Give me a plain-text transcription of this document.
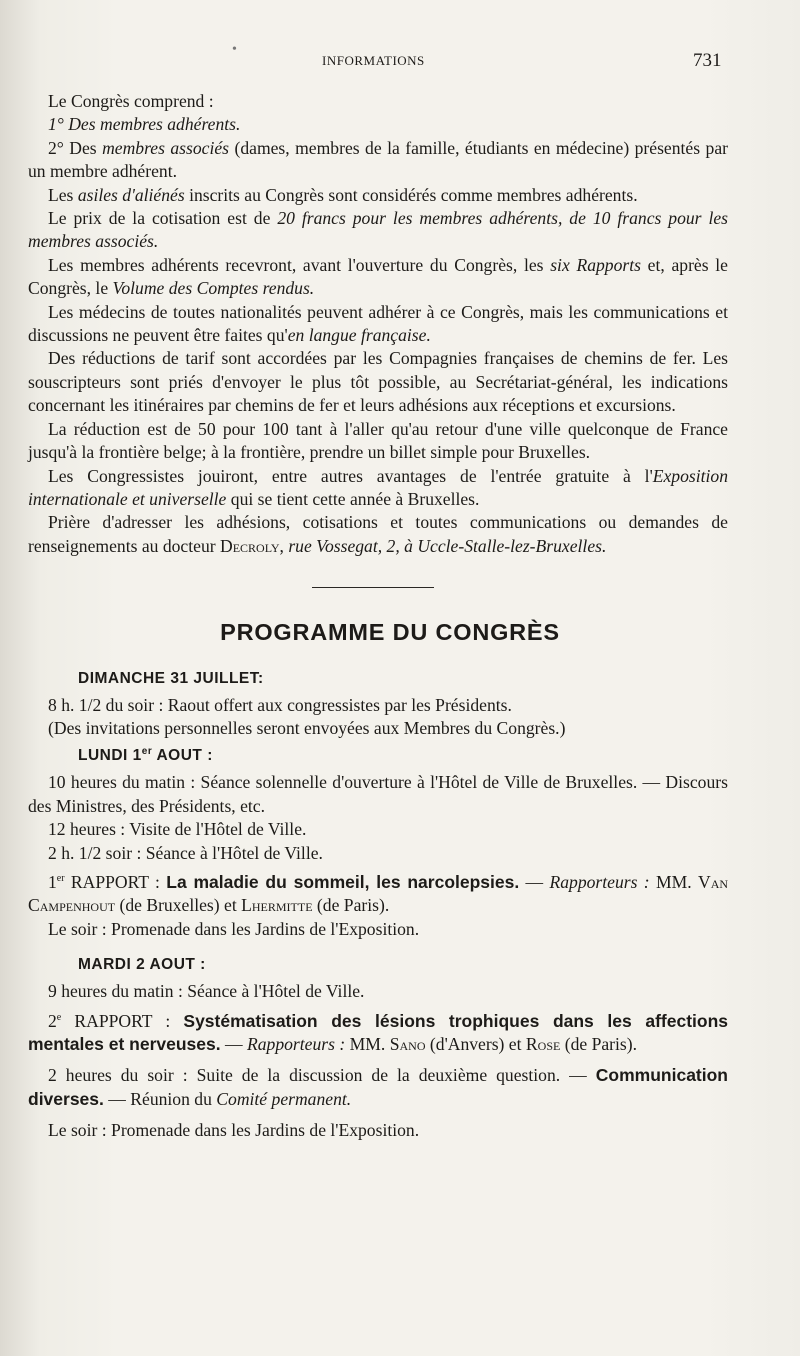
•
INFORMATIONS	731

Le Congrès comprend :

1° Des membres adhérents.

2° Des membres associés (dames, membres de la famille, étudiants en médecine) présentés par un membre adhérent.

Les asiles d'aliénés inscrits au Congrès sont considérés comme membres adhérents.

Le prix de la cotisation est de 20 francs pour les membres adhérents, de 10 francs pour les membres associés.

Les membres adhérents recevront, avant l'ouverture du Congrès, les six Rapports et, après le Congrès, le Volume des Comptes rendus.

Les médecins de toutes nationalités peuvent adhérer à ce Congrès, mais les communications et discussions ne peuvent être faites qu'en langue française.

Des réductions de tarif sont accordées par les Compagnies françaises de chemins de fer. Les souscripteurs sont priés d'envoyer le plus tôt possible, au Secrétariat-général, les indications concernant les itinéraires par chemins de fer et leurs adhésions aux réceptions et excursions.

La réduction est de 50 pour 100 tant à l'aller qu'au retour d'une ville quelconque de France jusqu'à la frontière belge; à la frontière, prendre un billet simple pour Bruxelles.

Les Congressistes jouiront, entre autres avantages de l'entrée gratuite à l'Exposition internationale et universelle qui se tient cette année à Bruxelles.

Prière d'adresser les adhésions, cotisations et toutes communications ou demandes de renseignements au docteur Decroly, rue Vossegat, 2, à Uccle-Stalle-lez-Bruxelles.

PROGRAMME DU CONGRÈS
DIMANCHE 31 JUILLET:

8 h. 1/2 du soir : Raout offert aux congressistes par les Présidents.

(Des invitations personnelles seront envoyées aux Membres du Congrès.)

LUNDI 1er AOUT :

10 heures du matin : Séance solennelle d'ouverture à l'Hôtel de Ville de Bruxelles. — Discours des Ministres, des Présidents, etc.

12 heures : Visite de l'Hôtel de Ville.

2 h. 1/2 soir : Séance à l'Hôtel de Ville.

1er RAPPORT : La maladie du sommeil, les narcolepsies. — Rapporteurs : MM. Van Campenhout (de Bruxelles) et Lhermitte (de Paris).

Le soir : Promenade dans les Jardins de l'Exposition.

MARDI 2 AOUT :

9 heures du matin : Séance à l'Hôtel de Ville.

2e RAPPORT : Systématisation des lésions trophiques dans les affections mentales et nerveuses. — Rapporteurs : MM. Sano (d'Anvers) et Rose (de Paris).

2 heures du soir : Suite de la discussion de la deuxième question. — Communication diverses. — Réunion du Comité permanent.

Le soir : Promenade dans les Jardins de l'Exposition.
